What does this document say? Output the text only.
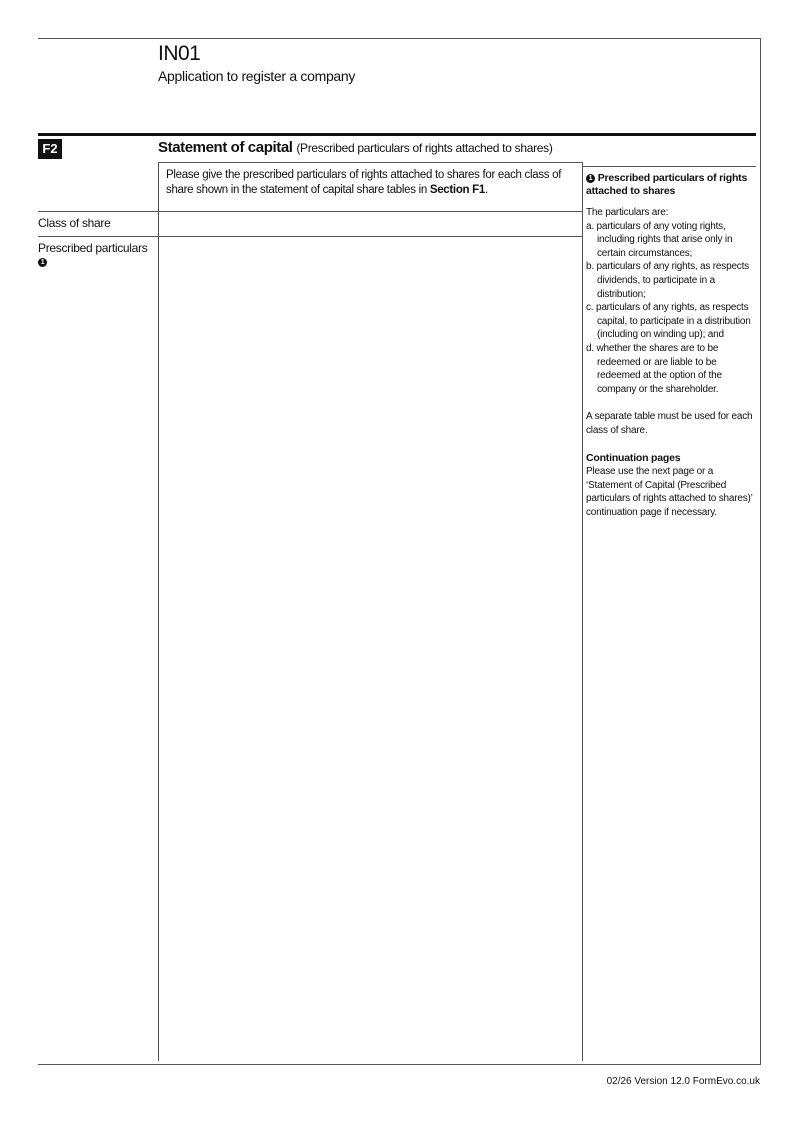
IN01
Application to register a company
F2	Statement of capital (Prescribed particulars of rights attached to shares)
Please give the prescribed particulars of rights attached to shares for each class of share shown in the statement of capital share tables in Section F1.
Class of share
Prescribed particulars
1
1 Prescribed particulars of rights attached to shares
The particulars are:
a. particulars of any voting rights, including rights that arise only in certain circumstances;
b. particulars of any rights, as respects dividends, to participate in a distribution;
c. particulars of any rights, as respects capital, to participate in a distribution (including on winding up); and
d. whether the shares are to be redeemed or are liable to be redeemed at the option of the company or the shareholder.
A separate table must be used for each class of share.
Continuation pages
Please use the next page or a ‘Statement of Capital (Prescribed particulars of rights attached to shares)’ continuation page if necessary.
02/26 Version 12.0 FormEvo.co.uk
